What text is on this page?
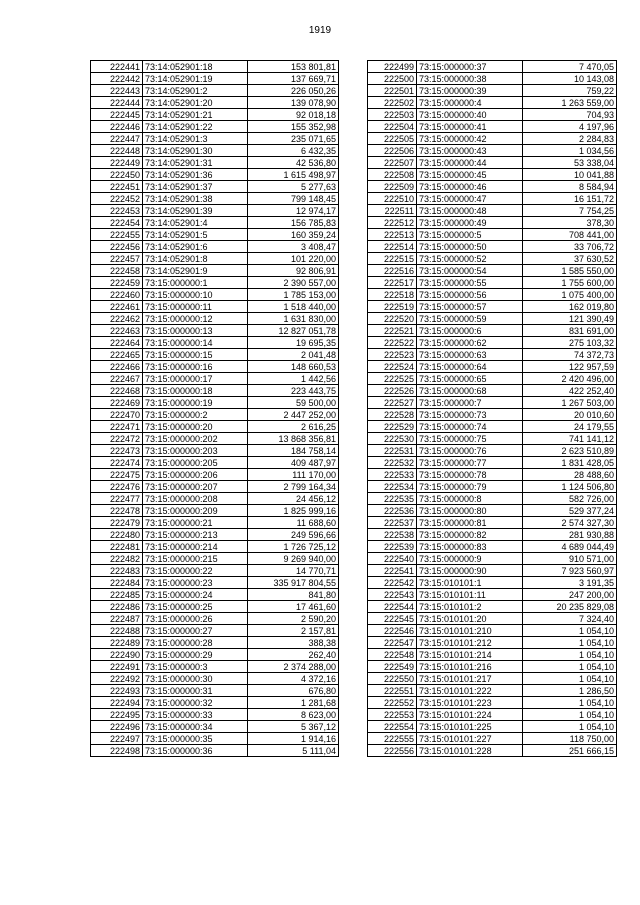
1919
222441	73:14:052901:18	153 801,81
222442	73:14:052901:19	137 669,71
222443	73:14:052901:2	226 050,26
222444	73:14:052901:20	139 078,90
222445	73:14:052901:21	92 018,18
222446	73:14:052901:22	155 352,98
222447	73:14:052901:3	235 071,65
222448	73:14:052901:30	6 432,35
222449	73:14:052901:31	42 536,80
222450	73:14:052901:36	1 615 498,97
222451	73:14:052901:37	5 277,63
222452	73:14:052901:38	799 148,45
222453	73:14:052901:39	12 974,17
222454	73:14:052901:4	156 785,83
222455	73:14:052901:5	160 359,24
222456	73:14:052901:6	3 408,47
222457	73:14:052901:8	101 220,00
222458	73:14:052901:9	92 806,91
222459	73:15:000000:1	2 390 557,00
222460	73:15:000000:10	1 785 153,00
222461	73:15:000000:11	1 518 440,00
222462	73:15:000000:12	1 631 830,00
222463	73:15:000000:13	12 827 051,78
222464	73:15:000000:14	19 695,35
222465	73:15:000000:15	2 041,48
222466	73:15:000000:16	148 660,53
222467	73:15:000000:17	1 442,56
222468	73:15:000000:18	223 443,75
222469	73:15:000000:19	59 500,00
222470	73:15:000000:2	2 447 252,00
222471	73:15:000000:20	2 616,25
222472	73:15:000000:202	13 868 356,81
222473	73:15:000000:203	184 758,14
222474	73:15:000000:205	409 487,97
222475	73:15:000000:206	111 170,00
222476	73:15:000000:207	2 799 164,34
222477	73:15:000000:208	24 456,12
222478	73:15:000000:209	1 825 999,16
222479	73:15:000000:21	11 688,60
222480	73:15:000000:213	249 596,66
222481	73:15:000000:214	1 726 725,12
222482	73:15:000000:215	9 269 940,00
222483	73:15:000000:22	14 770,71
222484	73:15:000000:23	335 917 804,55
222485	73:15:000000:24	841,80
222486	73:15:000000:25	17 461,60
222487	73:15:000000:26	2 590,20
222488	73:15:000000:27	2 157,81
222489	73:15:000000:28	388,38
222490	73:15:000000:29	262,40
222491	73:15:000000:3	2 374 288,00
222492	73:15:000000:30	4 372,16
222493	73:15:000000:31	676,80
222494	73:15:000000:32	1 281,68
222495	73:15:000000:33	8 623,00
222496	73:15:000000:34	5 367,12
222497	73:15:000000:35	1 914,16
222498	73:15:000000:36	5 111,04
222499	73:15:000000:37	7 470,05
222500	73:15:000000:38	10 143,08
222501	73:15:000000:39	759,22
222502	73:15:000000:4	1 263 559,00
222503	73:15:000000:40	704,93
222504	73:15:000000:41	4 197,96
222505	73:15:000000:42	2 284,83
222506	73:15:000000:43	1 034,56
222507	73:15:000000:44	53 338,04
222508	73:15:000000:45	10 041,88
222509	73:15:000000:46	8 584,94
222510	73:15:000000:47	16 151,72
222511	73:15:000000:48	7 754,25
222512	73:15:000000:49	378,30
222513	73:15:000000:5	708 441,00
222514	73:15:000000:50	33 706,72
222515	73:15:000000:52	37 630,52
222516	73:15:000000:54	1 585 550,00
222517	73:15:000000:55	1 755 600,00
222518	73:15:000000:56	1 075 400,00
222519	73:15:000000:57	162 019,80
222520	73:15:000000:59	121 390,49
222521	73:15:000000:6	831 691,00
222522	73:15:000000:62	275 103,32
222523	73:15:000000:63	74 372,73
222524	73:15:000000:64	122 957,59
222525	73:15:000000:65	2 420 496,00
222526	73:15:000000:68	422 252,40
222527	73:15:000000:7	1 267 503,00
222528	73:15:000000:73	20 010,60
222529	73:15:000000:74	24 179,55
222530	73:15:000000:75	741 141,12
222531	73:15:000000:76	2 623 510,89
222532	73:15:000000:77	1 831 428,05
222533	73:15:000000:78	28 488,60
222534	73:15:000000:79	1 124 506,80
222535	73:15:000000:8	582 726,00
222536	73:15:000000:80	529 377,24
222537	73:15:000000:81	2 574 327,30
222538	73:15:000000:82	281 930,88
222539	73:15:000000:83	4 689 044,49
222540	73:15:000000:9	910 571,00
222541	73:15:000000:90	7 923 560,97
222542	73:15:010101:1	3 191,35
222543	73:15:010101:11	247 200,00
222544	73:15:010101:2	20 235 829,08
222545	73:15:010101:20	7 324,40
222546	73:15:010101:210	1 054,10
222547	73:15:010101:212	1 054,10
222548	73:15:010101:214	1 054,10
222549	73:15:010101:216	1 054,10
222550	73:15:010101:217	1 054,10
222551	73:15:010101:222	1 286,50
222552	73:15:010101:223	1 054,10
222553	73:15:010101:224	1 054,10
222554	73:15:010101:225	1 054,10
222555	73:15:010101:227	118 750,00
222556	73:15:010101:228	251 666,15
